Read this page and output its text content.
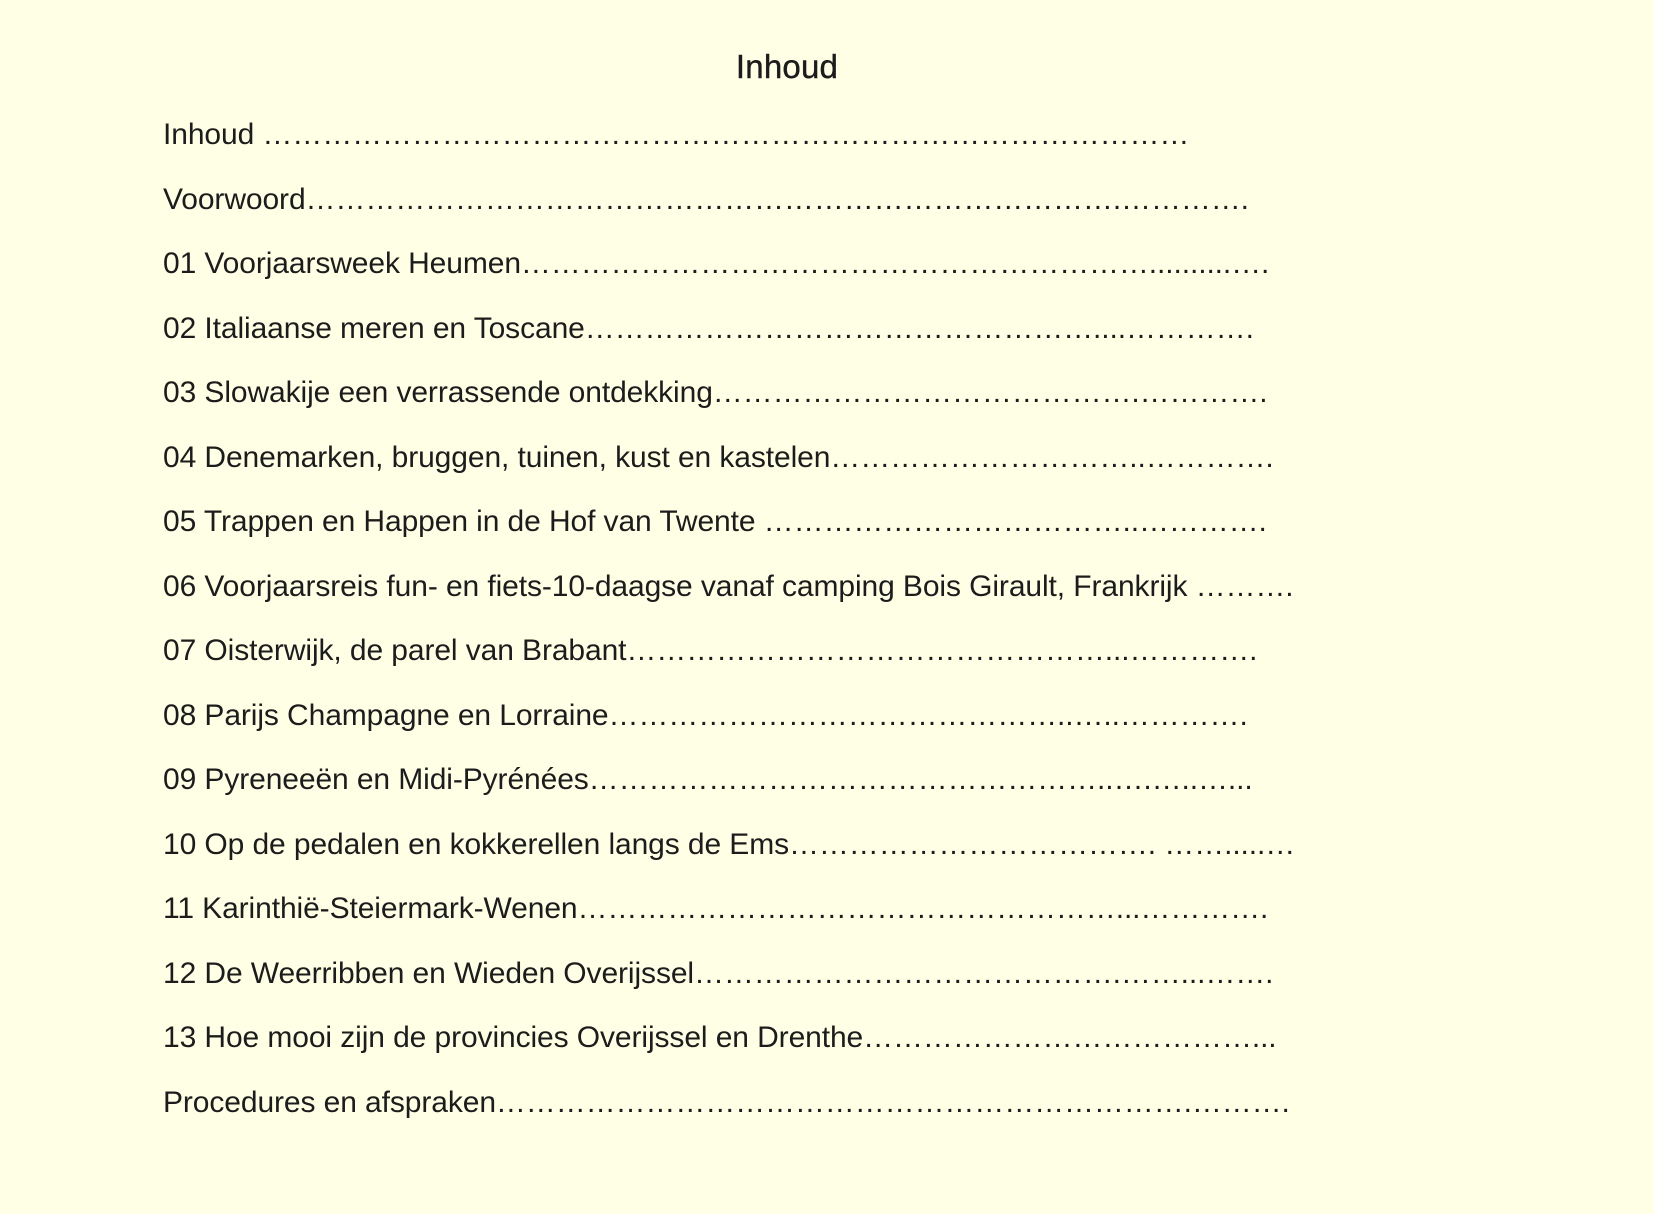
Inhoud
Inhoud …………………………………………………………………………………
Voorwoord……………………………………………………………………….………….
01 Voorjaarsweek Heumen………………………………………………………..........….
02 Italiaanse meren en Toscane……………………………………………....………….
03 Slowakije een verrassende ontdekking…………………………………….………….
04 Denemarken, bruggen, tuinen, kust en kastelen…………………………..………….
05 Trappen en Happen in de Hof van Twente ………………………………..………….
06 Voorjaarsreis fun- en fiets-10-daagse vanaf camping Bois Girault, Frankrijk ……….
07 Oisterwijk, de parel van Brabant…………………………………………...………….
08 Parijs Champagne en Lorraine………………………………………..…..………….
09 Pyreneeën en Midi-Pyrénées……………………………………………..….…..…...
10 Op de pedalen en kokkerellen langs de Ems………………………………. …….....…
11 Karinthië-Steiermark-Wenen………………………………………………...………….
12 De Weerribben en Wieden Overijssel…………………………………….……...…….
13 Hoe mooi zijn de provincies Overijssel en Drenthe…………………………………...
Procedures en afspraken…………………………………………………………….……….
